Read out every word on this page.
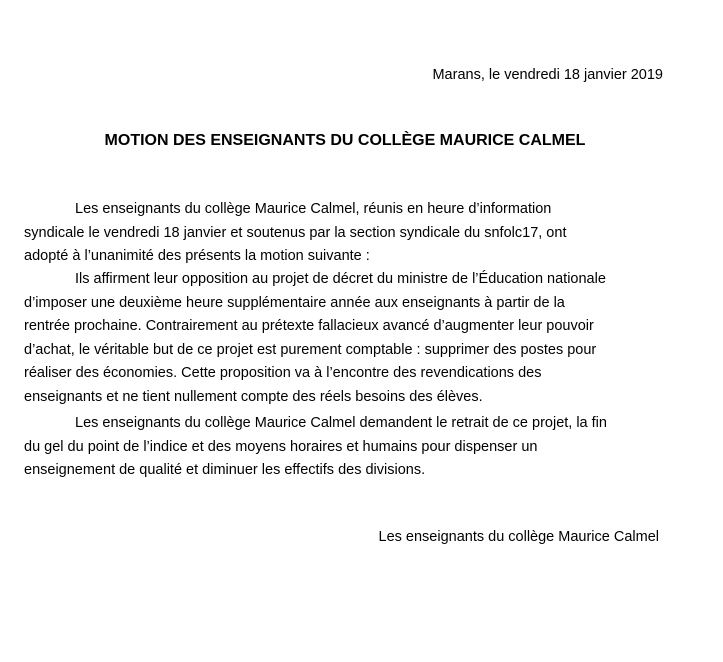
Marans, le vendredi 18 janvier 2019
MOTION DES ENSEIGNANTS DU COLLÈGE MAURICE CALMEL

Les enseignants du collège Maurice Calmel, réunis en heure d’information
syndicale le vendredi 18 janvier et soutenus par la section syndicale du snfolc17, ont
adopté à l’unanimité des présents la motion suivante :

Ils affirment leur opposition au projet de décret du ministre de l’Éducation nationale
d’imposer une deuxième heure supplémentaire année aux enseignants à partir de la
rentrée prochaine. Contrairement au prétexte fallacieux avancé d’augmenter leur pouvoir
d’achat, le véritable but de ce projet est purement comptable : supprimer des postes pour
réaliser des économies. Cette proposition va à l’encontre des revendications des
enseignants et ne tient nullement compte des réels besoins des élèves.

Les enseignants du collège Maurice Calmel demandent le retrait de ce projet, la fin
du gel du point de l’indice et des moyens horaires et humains pour dispenser un
enseignement de qualité et diminuer les effectifs des divisions.

Les enseignants du collège Maurice Calmel
